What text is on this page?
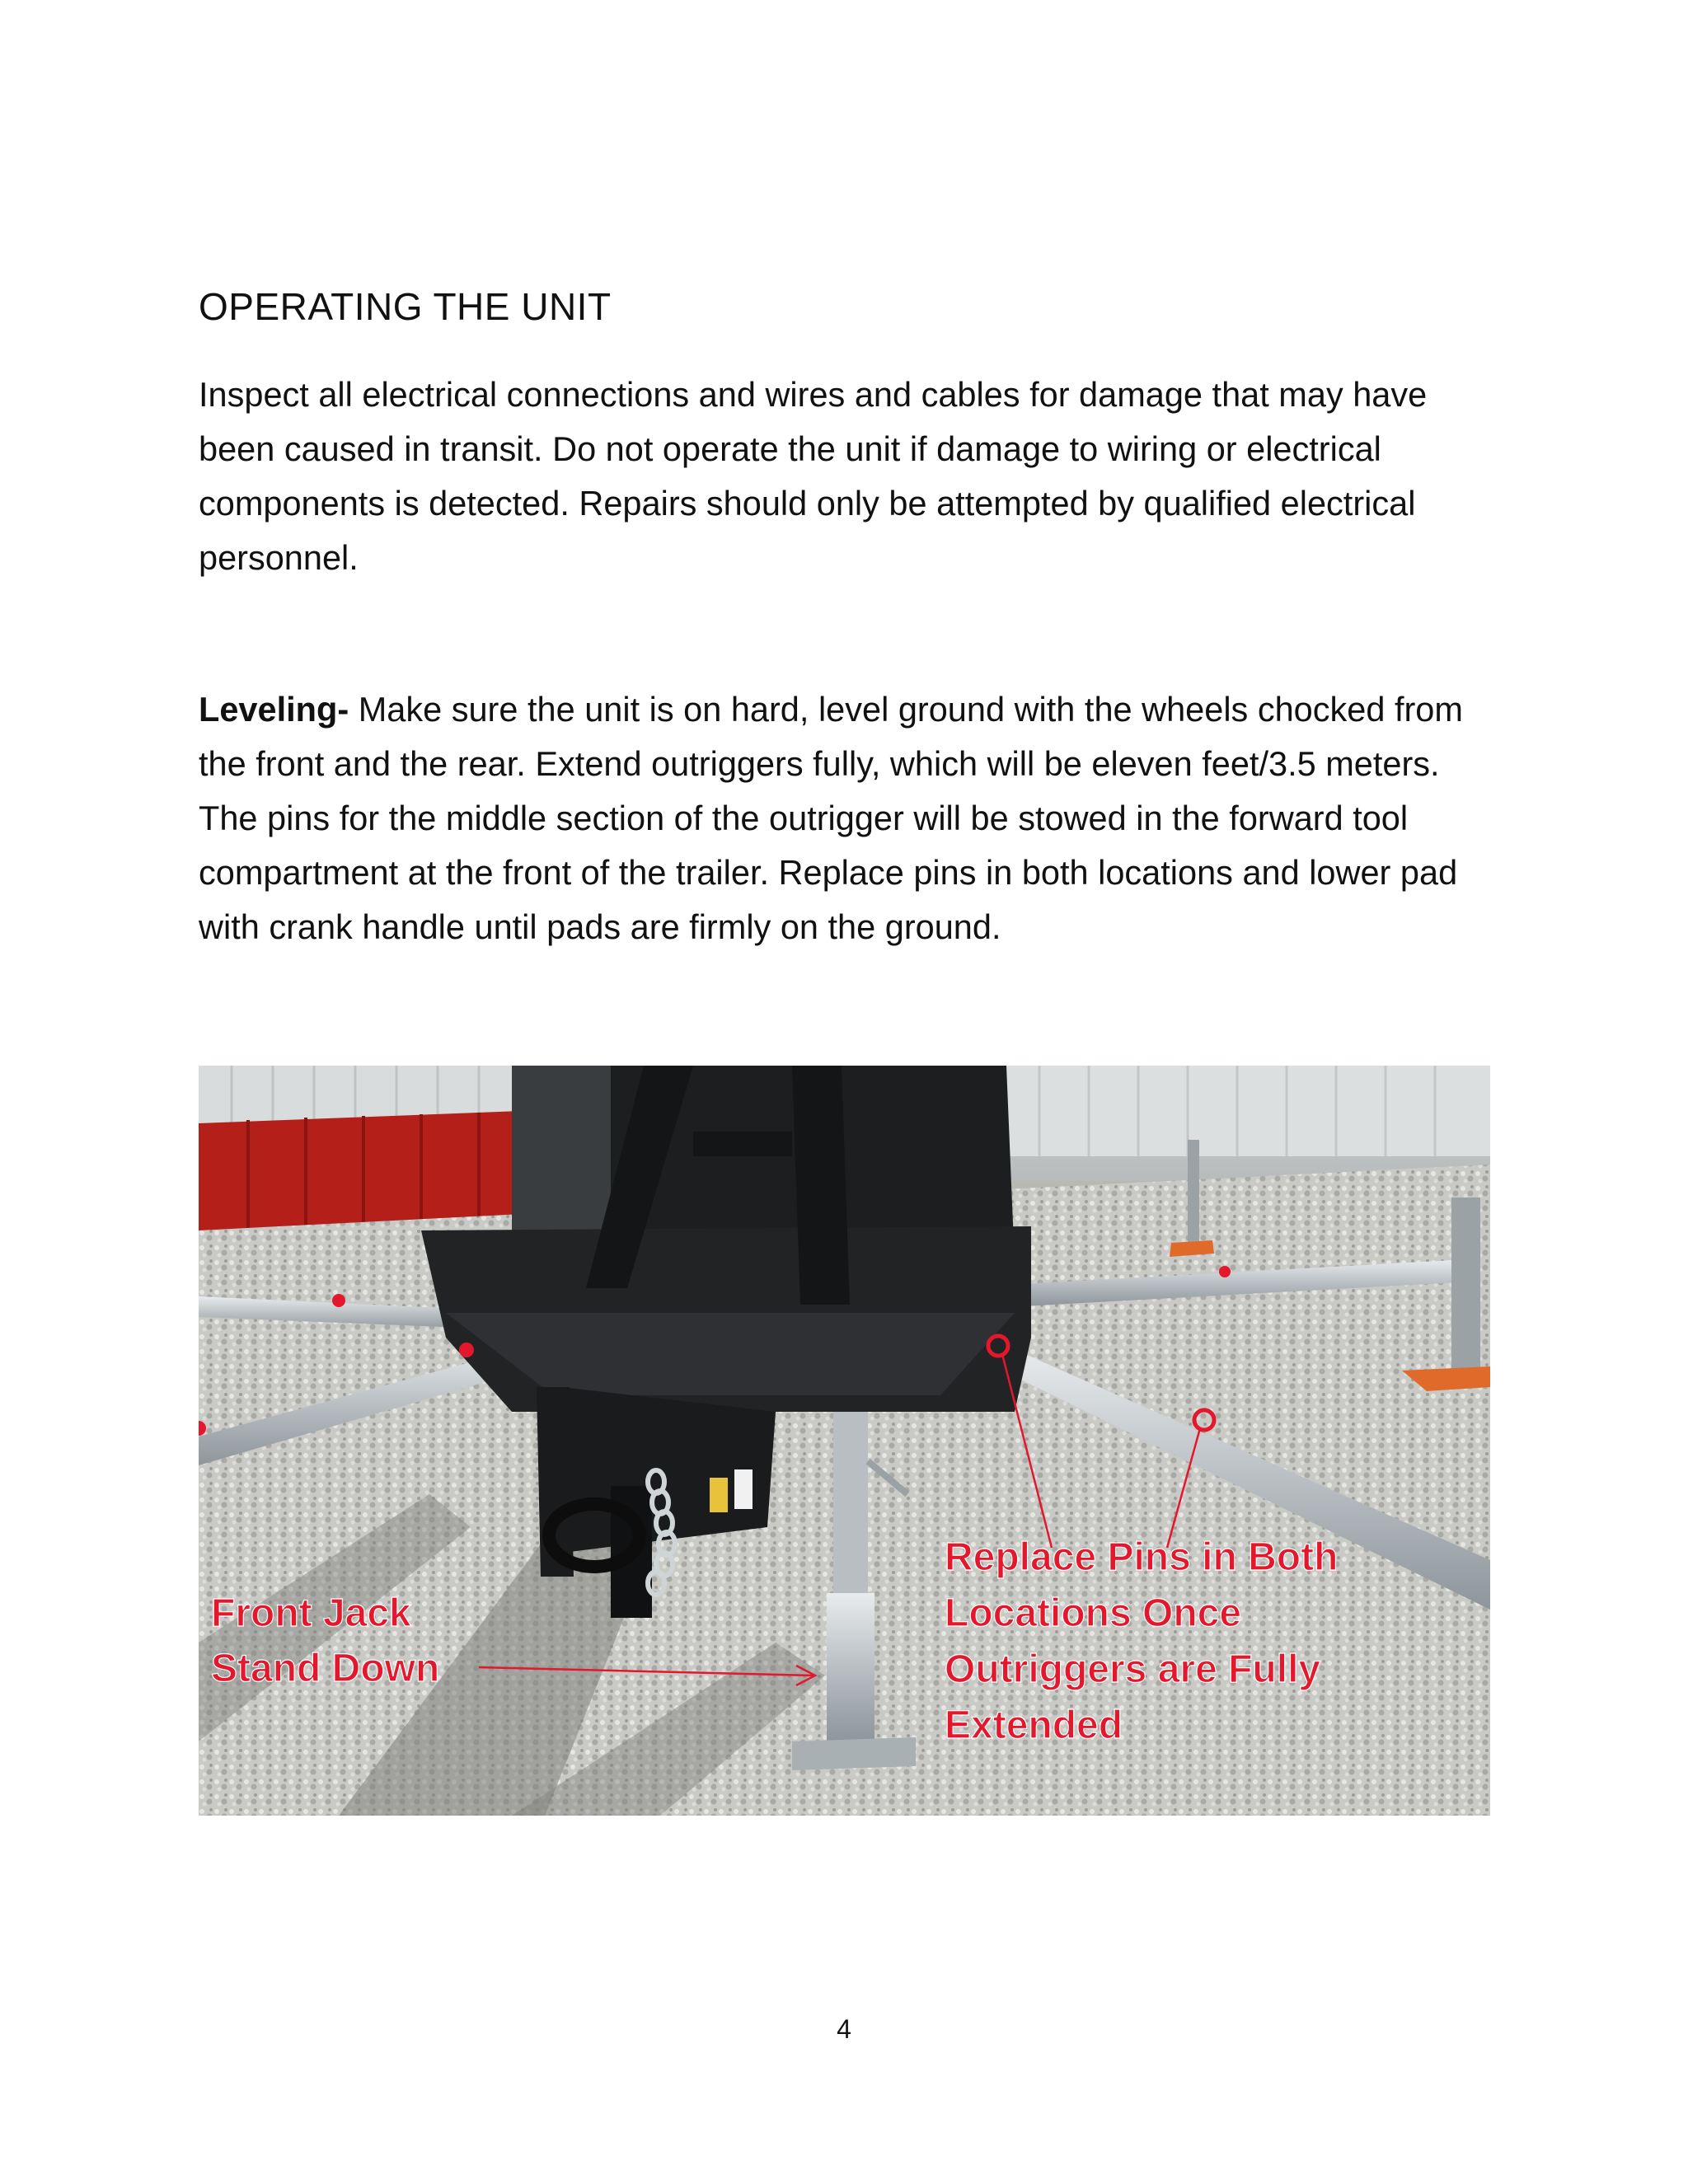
OPERATING THE UNIT

Inspect all electrical connections and wires and cables for damage that may have been caused in transit. Do not operate the unit if damage to wiring or electrical components is detected. Repairs should only be attempted by qualified electrical personnel.

Leveling- Make sure the unit is on hard, level ground with the wheels chocked from the front and the rear. Extend outriggers fully, which will be eleven feet/3.5 meters. The pins for the middle section of the outrigger will be stowed in the forward tool compartment at the front of the trailer. Replace pins in both locations and lower pad with crank handle until pads are firmly on the ground.

Front Jack
Stand Down
Replace Pins in Both
Locations Once
Outriggers are Fully
Extended
4
